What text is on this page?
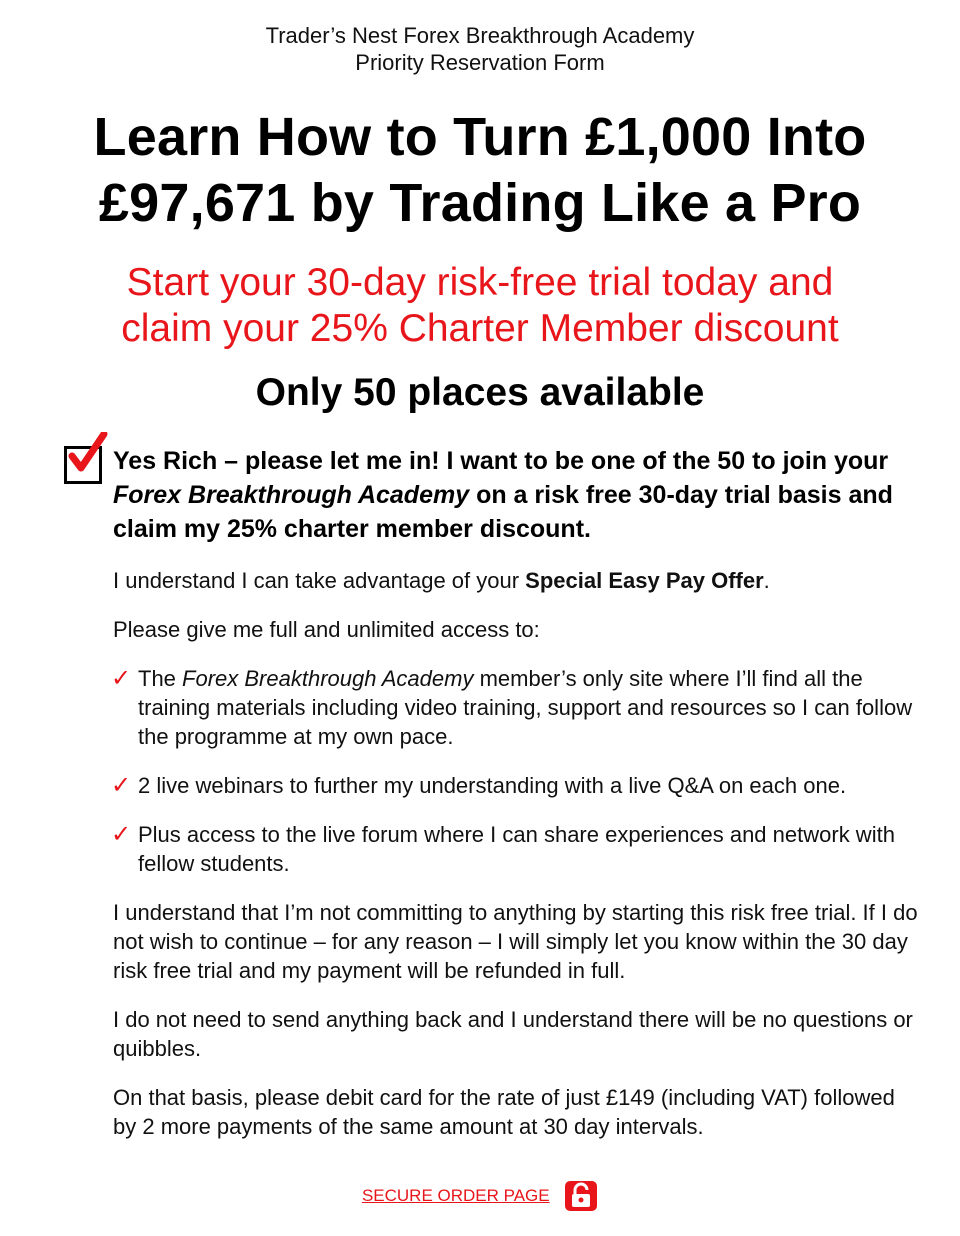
Trader’s Nest Forex Breakthrough Academy
Priority Reservation Form
Learn How to Turn £1,000 Into
£97,671 by Trading Like a Pro
Start your 30-day risk-free trial today and
claim your 25% Charter Member discount
Only 50 places available
Yes Rich – please let me in! I want to be one of the 50 to join your Forex Breakthrough Academy on a risk free 30-day trial basis and claim my 25% charter member discount.
I understand I can take advantage of your Special Easy Pay Offer.
Please give me full and unlimited access to:
✓ The Forex Breakthrough Academy member’s only site where I’ll find all the training materials including video training, support and resources so I can follow the programme at my own pace.
✓ 2 live webinars to further my understanding with a live Q&A on each one.
✓ Plus access to the live forum where I can share experiences and network with fellow students.
I understand that I’m not committing to anything by starting this risk free trial. If I do not wish to continue – for any reason – I will simply let you know within the 30 day risk free trial and my payment will be refunded in full.
I do not need to send anything back and I understand there will be no questions or quibbles.
On that basis, please debit card for the rate of just £149 (including VAT) followed by 2 more payments of the same amount at 30 day intervals.
SECURE ORDER PAGE
